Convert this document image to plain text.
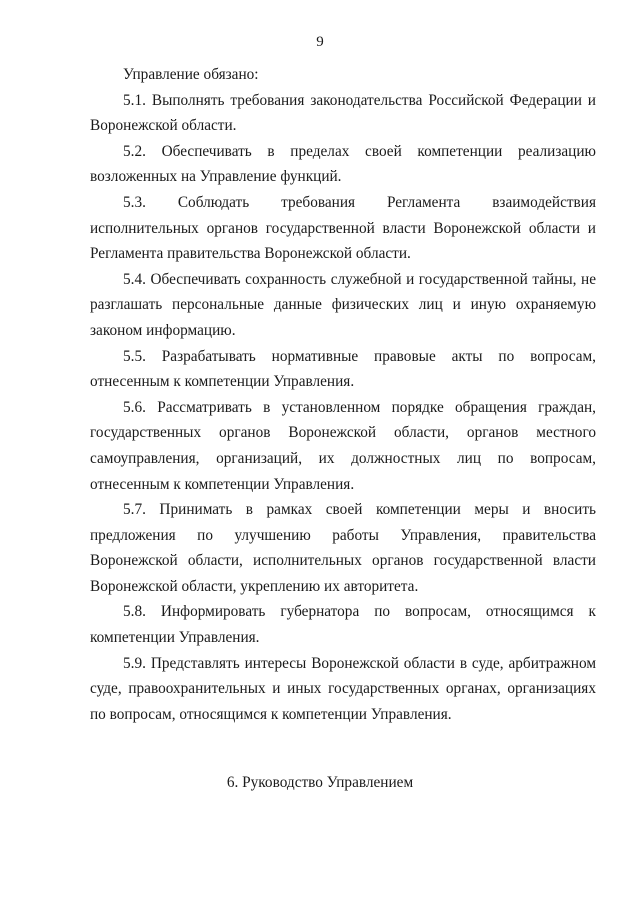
9

Управление обязано:

5.1. Выполнять требования законодательства Российской Федерации и Воронежской области.

5.2. Обеспечивать в пределах своей компетенции реализацию возложенных на Управление функций.

5.3. Соблюдать требования Регламента взаимодействия исполнительных органов государственной власти Воронежской области и Регламента правительства Воронежской области.

5.4. Обеспечивать сохранность служебной и государственной тайны, не разглашать персональные данные физических лиц и иную охраняемую законом информацию.

5.5. Разрабатывать нормативные правовые акты по вопросам, отнесенным к компетенции Управления.

5.6. Рассматривать в установленном порядке обращения граждан, государственных органов Воронежской области, органов местного самоуправления, организаций, их должностных лиц по вопросам, отнесенным к компетенции Управления.

5.7. Принимать в рамках своей компетенции меры и вносить предложения по улучшению работы Управления, правительства Воронежской области, исполнительных органов государственной власти Воронежской области, укреплению их авторитета.

5.8. Информировать губернатора по вопросам, относящимся к компетенции Управления.

5.9. Представлять интересы Воронежской области в суде, арбитражном суде, правоохранительных и иных государственных органах, организациях по вопросам, относящимся к компетенции Управления.

6. Руководство Управлением
